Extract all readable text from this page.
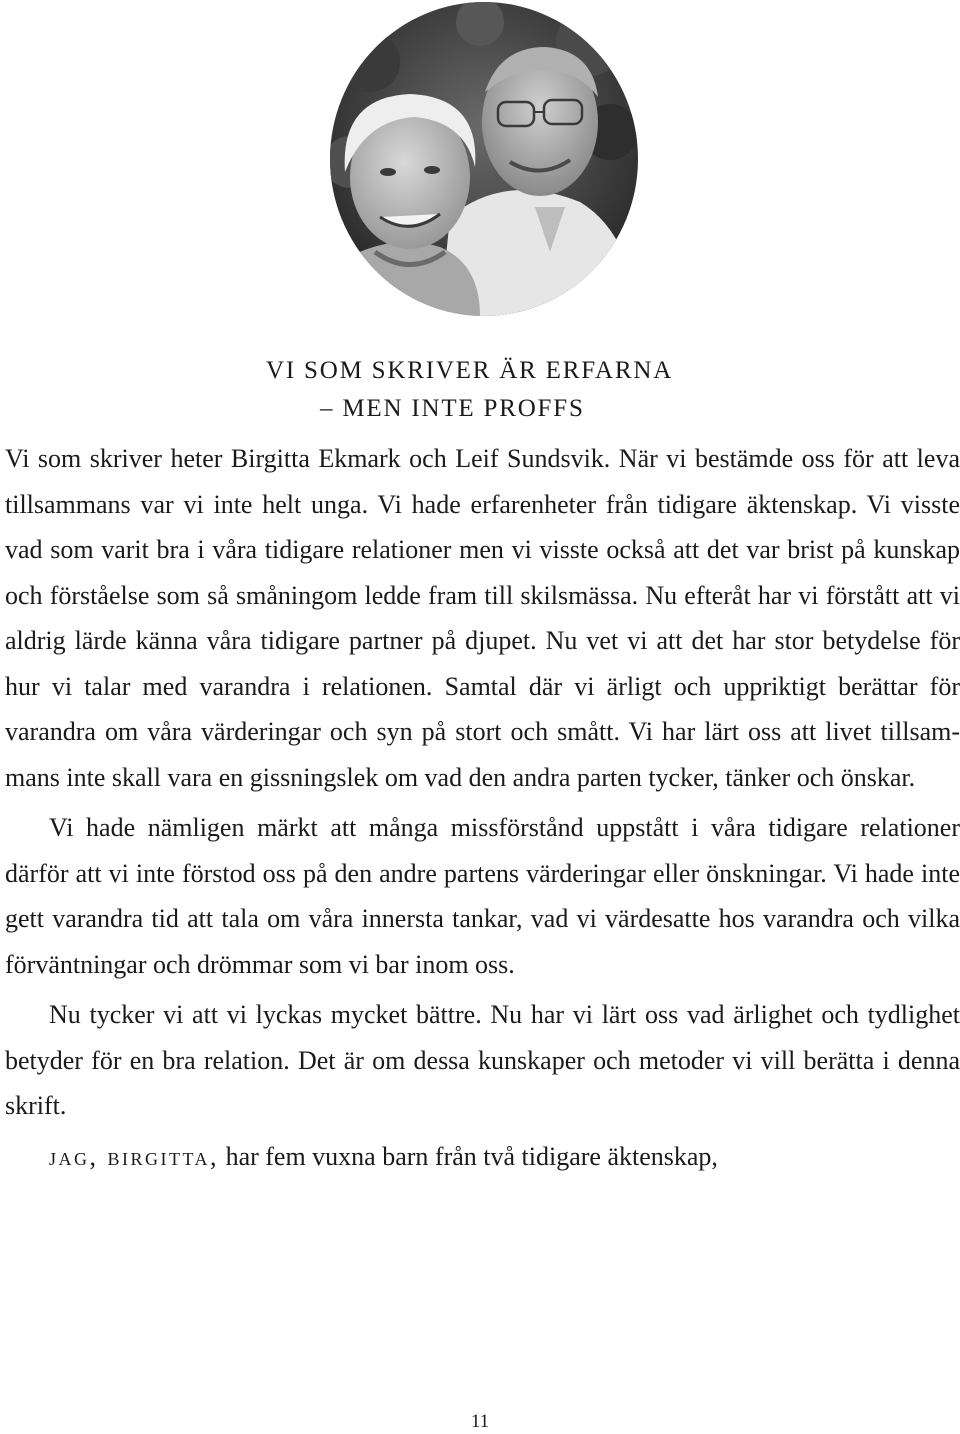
VI SOM SKRIVER ÄR ERFARNA
– MEN INTE PROFFS

Vi som skriver heter Birgitta Ekmark och Leif Sundsvik. När vi bestämde oss för att leva tillsammans var vi inte helt unga. Vi hade erfarenheter från tidigare äktenskap. Vi visste vad som varit bra i våra tidigare relationer men vi visste också att det var brist på kunskap och förståelse som så småningom ledde fram till skilsmässa. Nu efteråt har vi förstått att vi aldrig lärde känna våra tidigare partner på djupet. Nu vet vi att det har stor betydelse för hur vi talar med varandra i relationen. Samtal där vi ärligt och uppriktigt berättar för varandra om våra värderingar och syn på stort och smått. Vi har lärt oss att livet tillsammans inte skall vara en gissningslek om vad den andra parten tycker, tänker och önskar.

Vi hade nämligen märkt att många missförstånd uppstått i våra tidigare relationer därför att vi inte förstod oss på den andre partens värderingar eller önskningar. Vi hade inte gett varandra tid att tala om våra innersta tankar, vad vi värdesatte hos varandra och vilka förväntningar och drömmar som vi bar inom oss.

Nu tycker vi att vi lyckas mycket bättre. Nu har vi lärt oss vad ärlighet och tydlighet betyder för en bra relation. Det är om dessa kunskaper och metoder vi vill berätta i denna skrift.

jag, birgitta, har fem vuxna barn från två tidigare äktenskap,

11
